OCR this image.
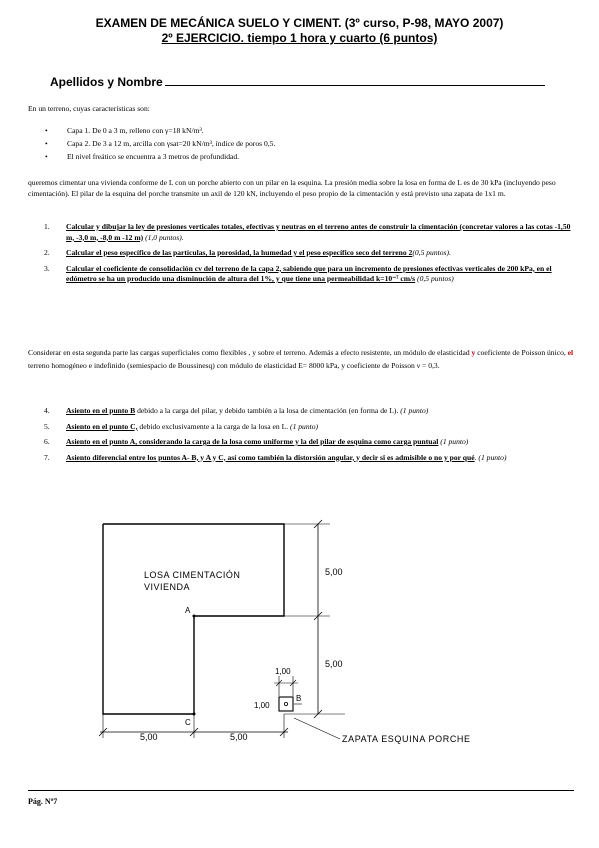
EXAMEN DE MECÁNICA SUELO Y CIMENT. (3º curso, P-98, MAYO 2007)
2º EJERCICIO. tiempo 1 hora y cuarto (6 puntos)
Apellidos y Nombre
En un terreno, cuyas características son:
•	Capa 1. De 0 a 3 m, relleno con γ=18 kN/m³.
•	Capa 2. De 3 a 12 m, arcilla con γsat=20 kN/m³, índice de poros 0,5.
•	El nivel freático se encuentra a 3 metros de profundidad.
queremos cimentar una vivienda conforme de L con un porche abierto con un pilar en la esquina. La presión media sobre la losa en forma de L es de 30 kPa (incluyendo peso cimentación). El pilar de la esquina del porche transmite un axil de 120 kN, incluyendo el peso propio de la cimentación y está previsto una zapata de 1x1 m.
1. Calcular y dibujar la ley de presiones verticales totales, efectivas y neutras en el terreno antes de construir la cimentación (concretar valores a las cotas -1,50 m, -3,0 m, -8,0 m -12 m) (1,0 puntos).
2. Calcular el peso específico de las partículas, la porosidad, la humedad y el peso específico seco del terreno 2(0,5 puntos).
3. Calcular el coeficiente de consolidación cv del terreno de la capa 2, sabiendo que para un incremento de presiones efectivas verticales de 200 kPa, en el edómetro se ha un producido una disminución de altura del 1%, y que tiene una permeabilidad k=10⁻⁷ cm/s (0,5 puntos)
Considerar en esta segunda parte las cargas superficiales como flexibles , y sobre el terreno. Además a efecto resistente, un módulo de elasticidad y coeficiente de Poisson único, el terreno homogéneo e indefinido (semiespacio de Boussinesq) con módulo de elasticidad E= 8000 kPa, y coeficiente de Poisson ν = 0,3.
4. Asiento en el punto B debido a la carga del pilar, y debido también a la losa de cimentación (en forma de L). (1 punto)
5. Asiento en el punto C, debido exclusivamente a la carga de la losa en L. (1 punto)
6. Asiento en el punto A, considerando la carga de la losa como uniforme y la del pilar de esquina como carga puntual (1 punto)
7. Asiento diferencial entre los puntos A- B, y A y C, así como también la distorsión angular, y decir si es admisible o no y por qué. (1 punto)
LOSA CIMENTACIÓN
VIVIENDA
A
C
B
5,00
5,00
1,00
1,00
5,00	5,00	ZAPATA ESQUINA PORCHE
Pág. Nº7
